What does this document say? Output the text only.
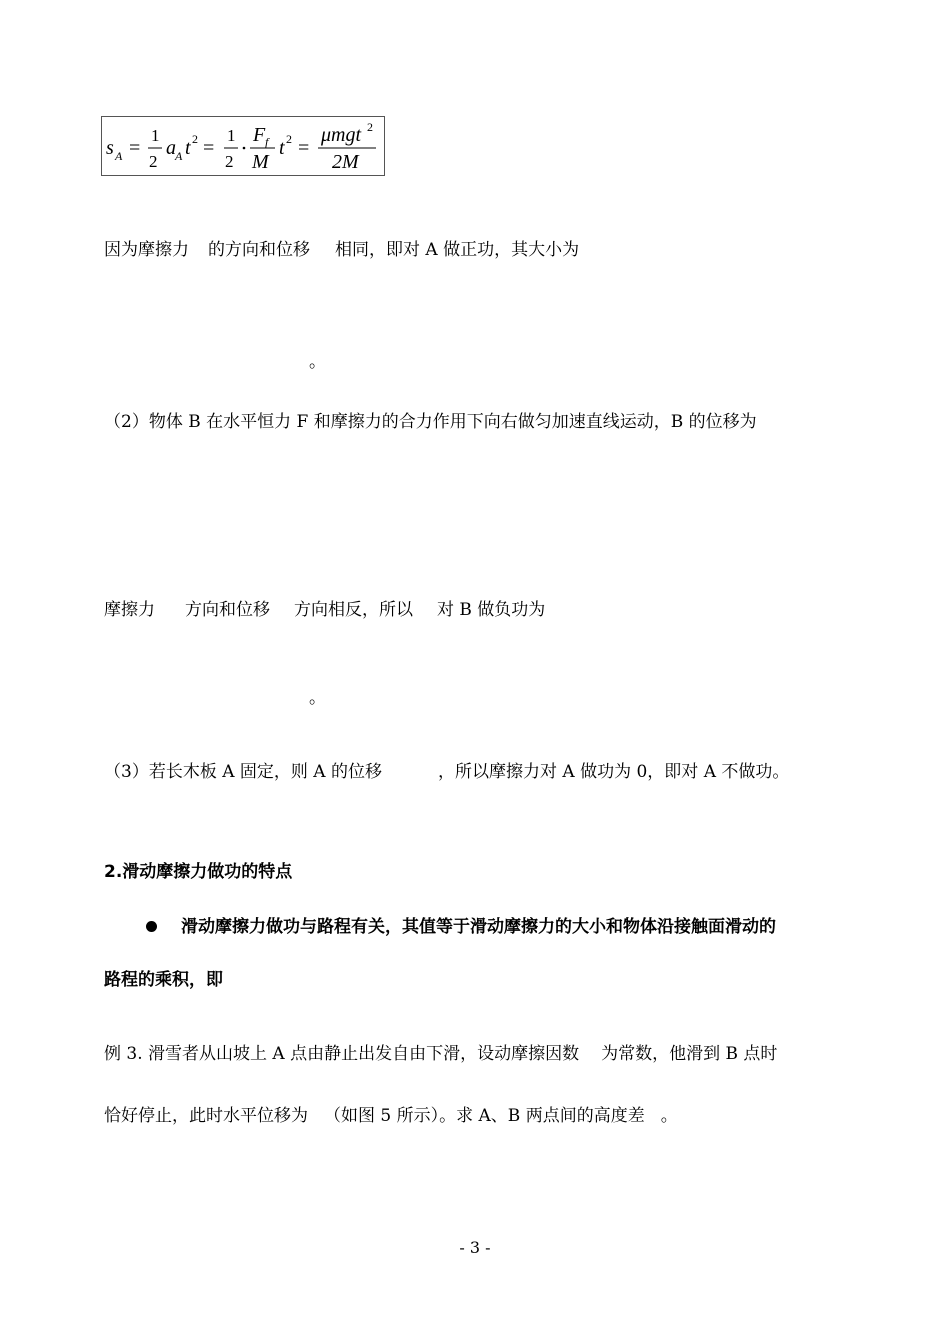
s A =
1
2
a A t 2 =
1
2
F f
M
t 2 =
μmgt 2
2M
因为摩擦力 的方向和位移 相同，即对 A 做正功，其大小为
。
（2）物体 B 在水平恒力 F 和摩擦力的合力作用下向右做匀加速直线运动，B 的位移为
摩擦力 方向和位移 方向相反，所以 对 B 做负功为
。
（3）若长木板 A 固定，则 A 的位移	，所以摩擦力对 A 做功为 0，即对 A 不做功。
2.滑动摩擦力做功的特点
滑动摩擦力做功与路程有关，其值等于滑动摩擦力的大小和物体沿接触面滑动的
路程的乘积，即
例 3. 滑雪者从山坡上 A 点由静止出发自由下滑，设动摩擦因数 为常数，他滑到 B 点时
恰好停止，此时水平位移为 （如图 5 所示）。求 A、B 两点间的高度差 。
- 3 -
